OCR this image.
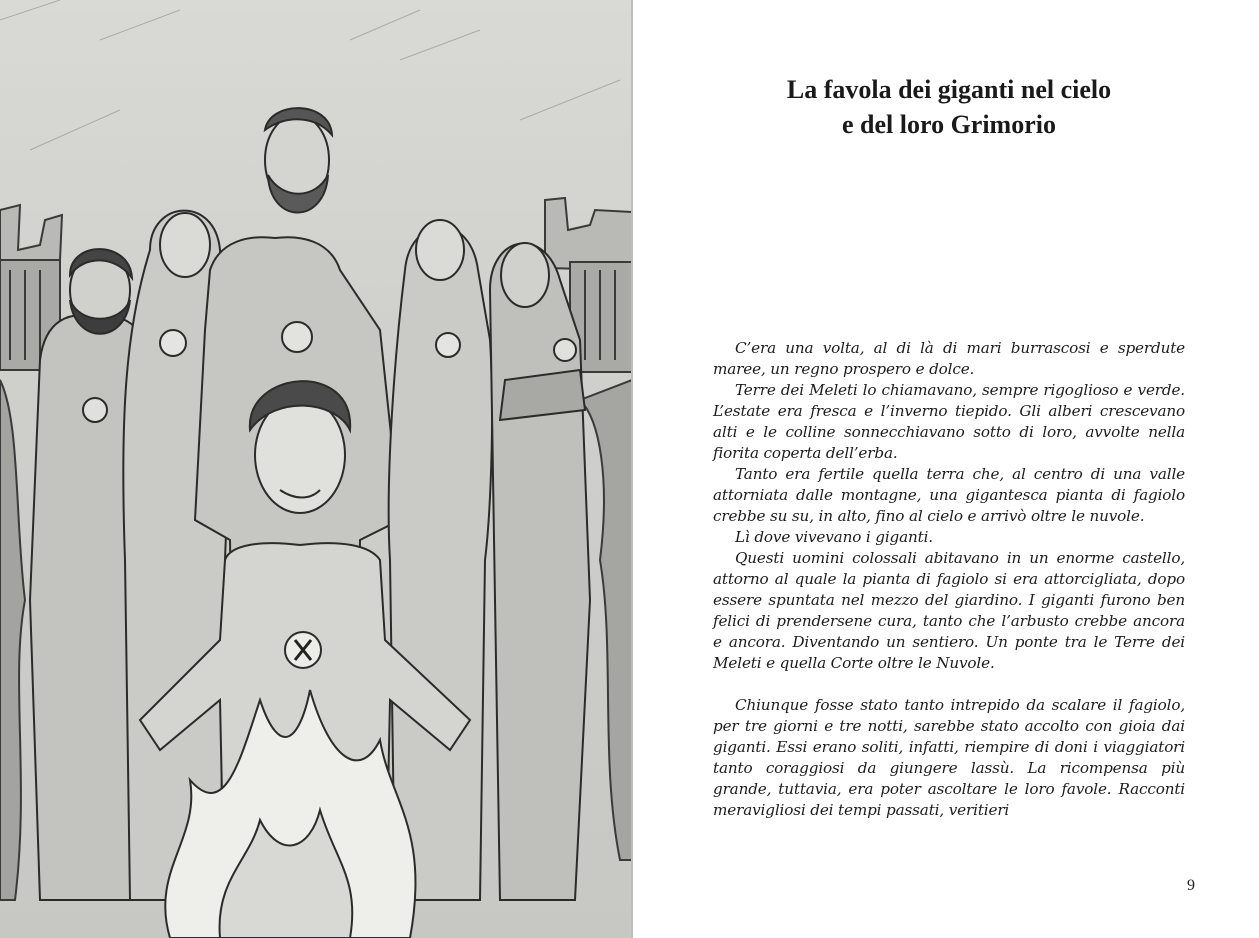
La favola dei giganti nel cielo
e del loro Grimorio

C’era una volta, al di là di mari burrascosi e sperdute maree, un regno prospero e dolce.

Terre dei Meleti lo chiamavano, sempre rigoglioso e verde. L’estate era fresca e l’inverno tiepido. Gli alberi crescevano alti e le colline sonnecchiavano sotto di loro, avvolte nella fiorita coperta dell’erba.

Tanto era fertile quella terra che, al centro di una valle attorniata dalle montagne, una gigantesca pianta di fagiolo crebbe su su, in alto, fino al cielo e arrivò oltre le nuvole.

Lì dove vivevano i giganti.

Questi uomini colossali abitavano in un enorme castello, attorno al quale la pianta di fagiolo si era attorcigliata, dopo essere spuntata nel mezzo del giardino. I giganti furono ben felici di prendersene cura, tanto che l’arbusto crebbe ancora e ancora. Diventando un sentiero. Un ponte tra le Terre dei Meleti e quella Corte oltre le Nuvole.

Chiunque fosse stato tanto intrepido da scalare il fagiolo, per tre giorni e tre notti, sarebbe stato accolto con gioia dai giganti. Essi erano soliti, infatti, riempire di doni i viaggiatori tanto coraggiosi da giungere lassù. La ricompensa più grande, tuttavia, era poter ascoltare le loro favole. Racconti meravigliosi dei tempi passati, veritieri

9
